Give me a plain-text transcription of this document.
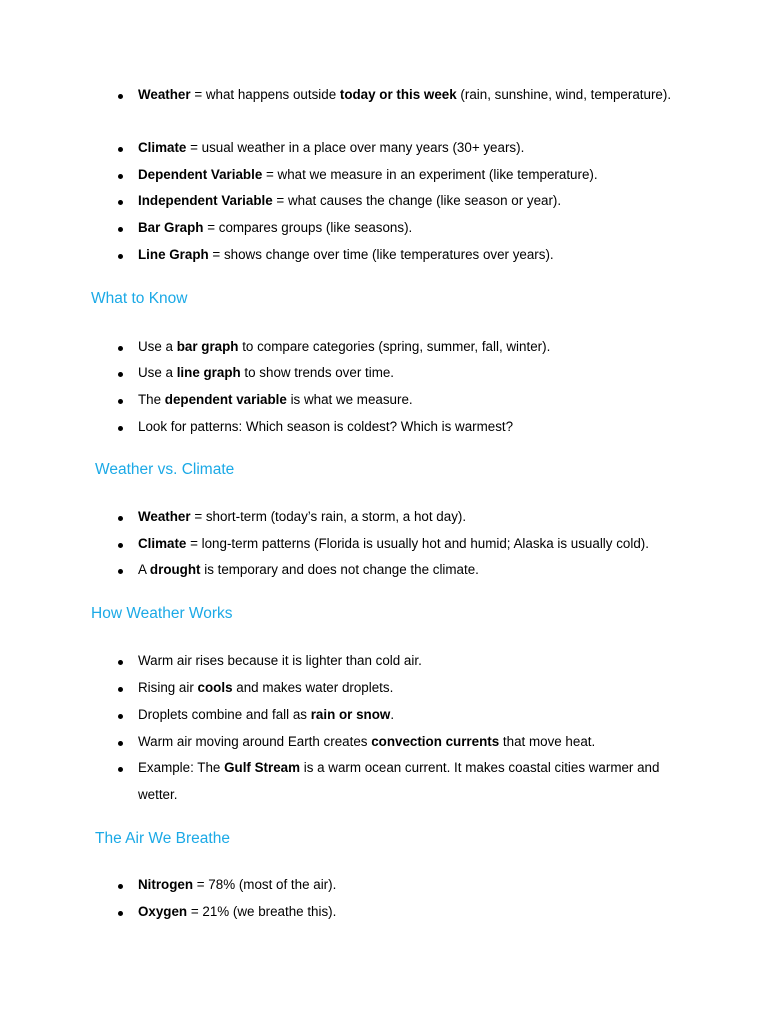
Weather = what happens outside today or this week (rain, sunshine, wind, temperature).
Climate = usual weather in a place over many years (30+ years).
Dependent Variable = what we measure in an experiment (like temperature).
Independent Variable = what causes the change (like season or year).
Bar Graph = compares groups (like seasons).
Line Graph = shows change over time (like temperatures over years).
What to Know
Use a bar graph to compare categories (spring, summer, fall, winter).
Use a line graph to show trends over time.
The dependent variable is what we measure.
Look for patterns: Which season is coldest? Which is warmest?
Weather vs. Climate
Weather = short-term (today’s rain, a storm, a hot day).
Climate = long-term patterns (Florida is usually hot and humid; Alaska is usually cold).
A drought is temporary and does not change the climate.
How Weather Works
Warm air rises because it is lighter than cold air.
Rising air cools and makes water droplets.
Droplets combine and fall as rain or snow.
Warm air moving around Earth creates convection currents that move heat.
Example: The Gulf Stream is a warm ocean current. It makes coastal cities warmer and wetter.
The Air We Breathe
Nitrogen = 78% (most of the air).
Oxygen = 21% (we breathe this).
